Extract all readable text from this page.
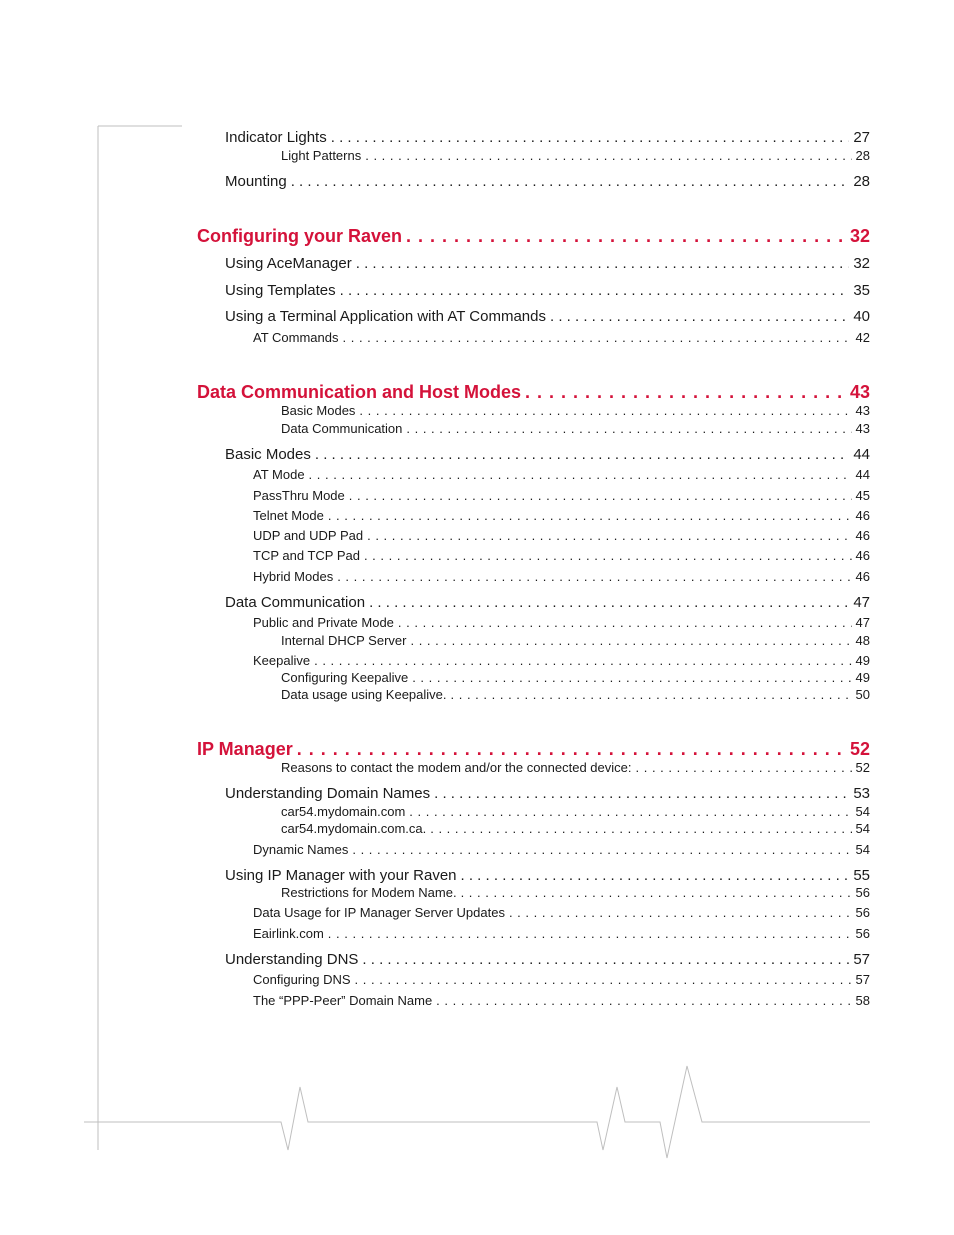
Indicator Lights . . .	27
Light Patterns . . .	28
Mounting . . .	28
Configuring your Raven . . .	32
Using AceManager . . .	32
Using Templates . . .	35
Using a Terminal Application with AT Commands . . .	40
AT Commands . . .	42
Data Communication and Host Modes . . .	43
Basic Modes . . .	43
Data Communication . . .	43
Basic Modes . . .	44
AT Mode . . .	44
PassThru Mode . . .	45
Telnet Mode . . .	46
UDP and UDP Pad . . .	46
TCP and TCP Pad . . .	46
Hybrid Modes . . .	46
Data Communication . . .	47
Public and Private Mode . . .	47
Internal DHCP Server . . .	48
Keepalive . . .	49
Configuring Keepalive . . .	49
Data usage using Keepalive. . . .	50
IP Manager . . .	52
Reasons to contact the modem and/or the connected device: . . .	52
Understanding Domain Names . . .	53
car54.mydomain.com . . .	54
car54.mydomain.com.ca. . . .	54
Dynamic Names . . .	54
Using IP Manager with your Raven . . .	55
Restrictions for Modem Name. . . .	56
Data Usage for IP Manager Server Updates . . .	56
Eairlink.com . . .	56
Understanding DNS . . .	57
Configuring DNS . . .	57
The “PPP-Peer” Domain Name . . .	58
